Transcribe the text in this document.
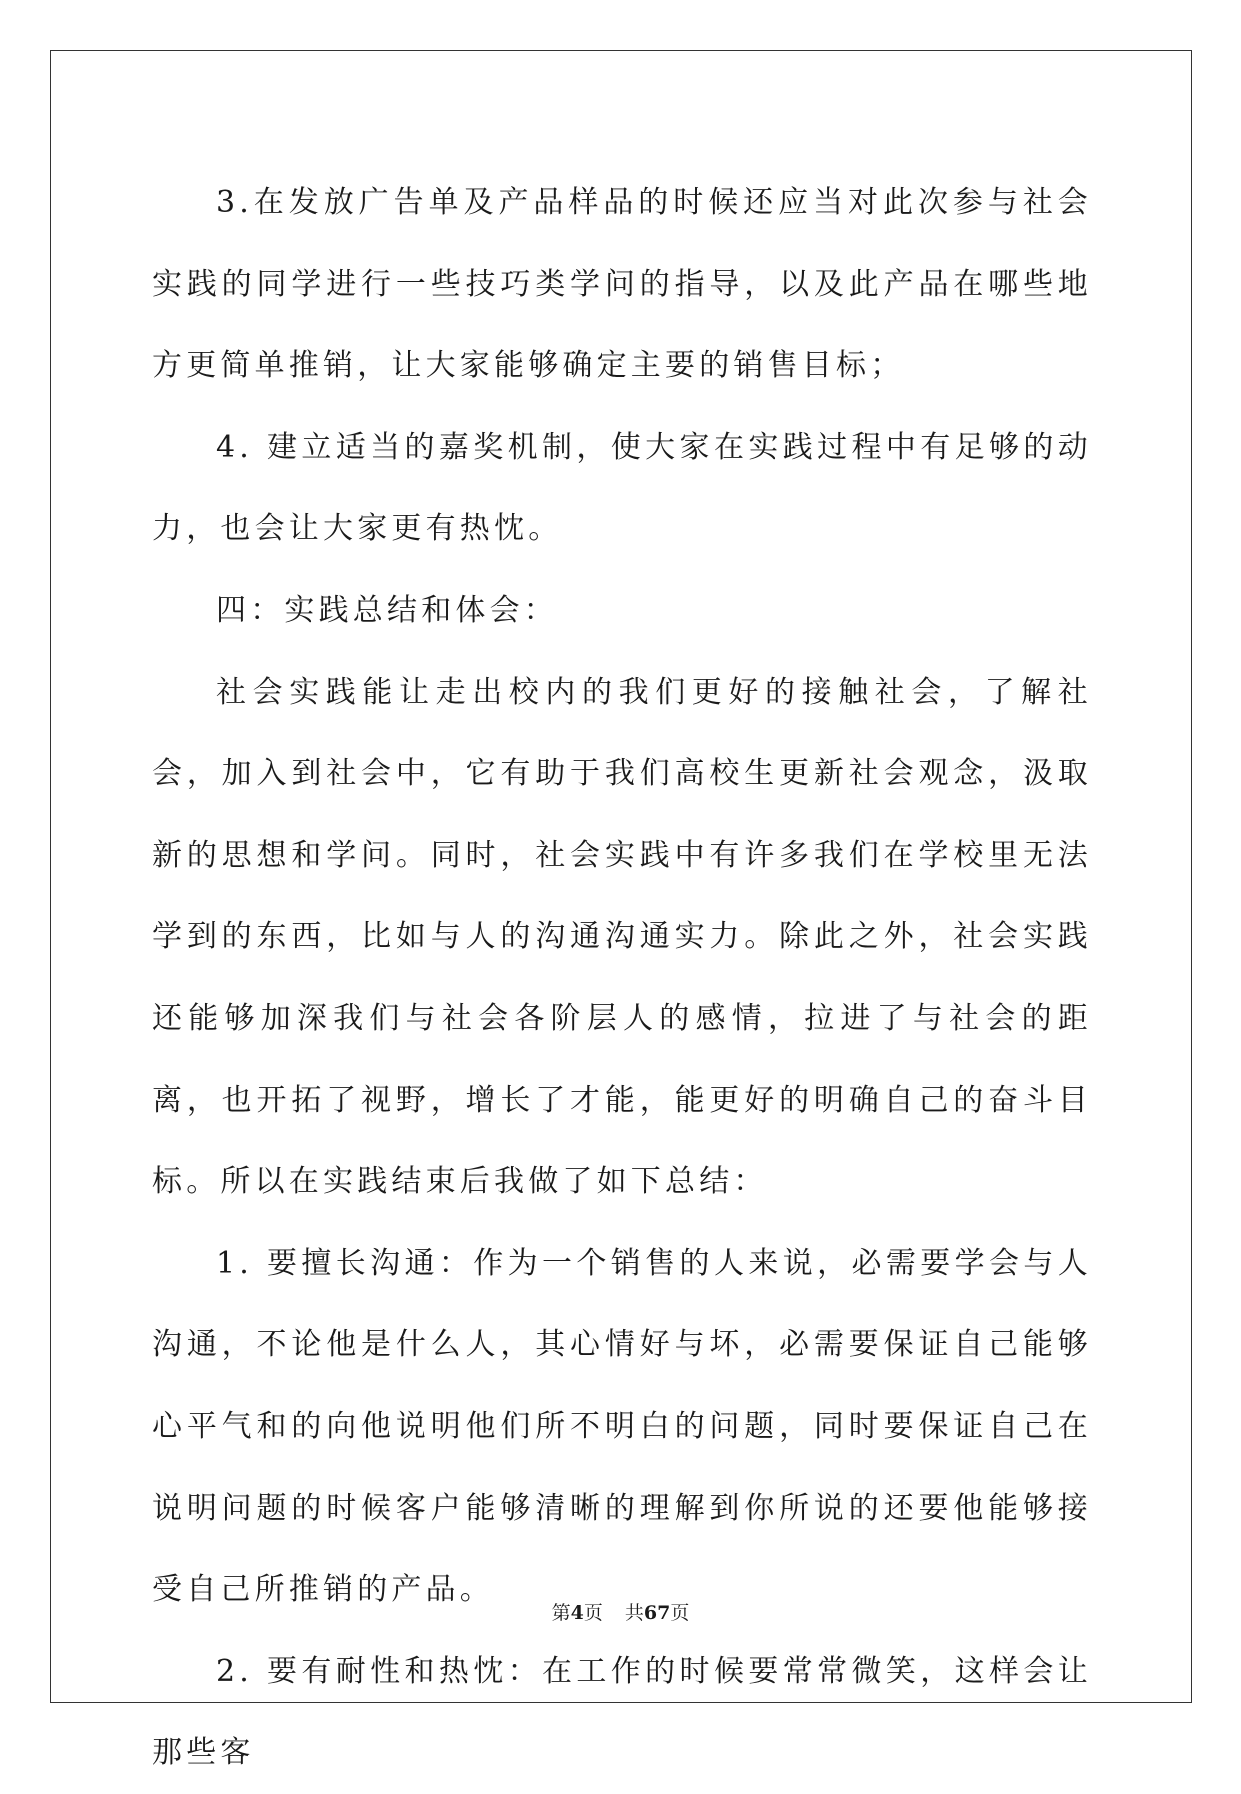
3.在发放广告单及产品样品的时候还应当对此次参与社会实践的同学进行一些技巧类学问的指导，以及此产品在哪些地方更简单推销，让大家能够确定主要的销售目标；

4. 建立适当的嘉奖机制，使大家在实践过程中有足够的动力，也会让大家更有热忱。

四：实践总结和体会：

社会实践能让走出校内的我们更好的接触社会，了解社会，加入到社会中，它有助于我们高校生更新社会观念，汲取新的思想和学问。同时，社会实践中有许多我们在学校里无法学到的东西，比如与人的沟通沟通实力。除此之外，社会实践还能够加深我们与社会各阶层人的感情，拉进了与社会的距离，也开拓了视野，增长了才能，能更好的明确自己的奋斗目标。所以在实践结束后我做了如下总结：

1. 要擅长沟通：作为一个销售的人来说，必需要学会与人沟通，不论他是什么人，其心情好与坏，必需要保证自己能够心平气和的向他说明他们所不明白的问题，同时要保证自己在说明问题的时候客户能够清晰的理解到你所说的还要他能够接受自己所推销的产品。

2. 要有耐性和热忱：在工作的时候要常常微笑，这样会让那些客

第4页 共67页
